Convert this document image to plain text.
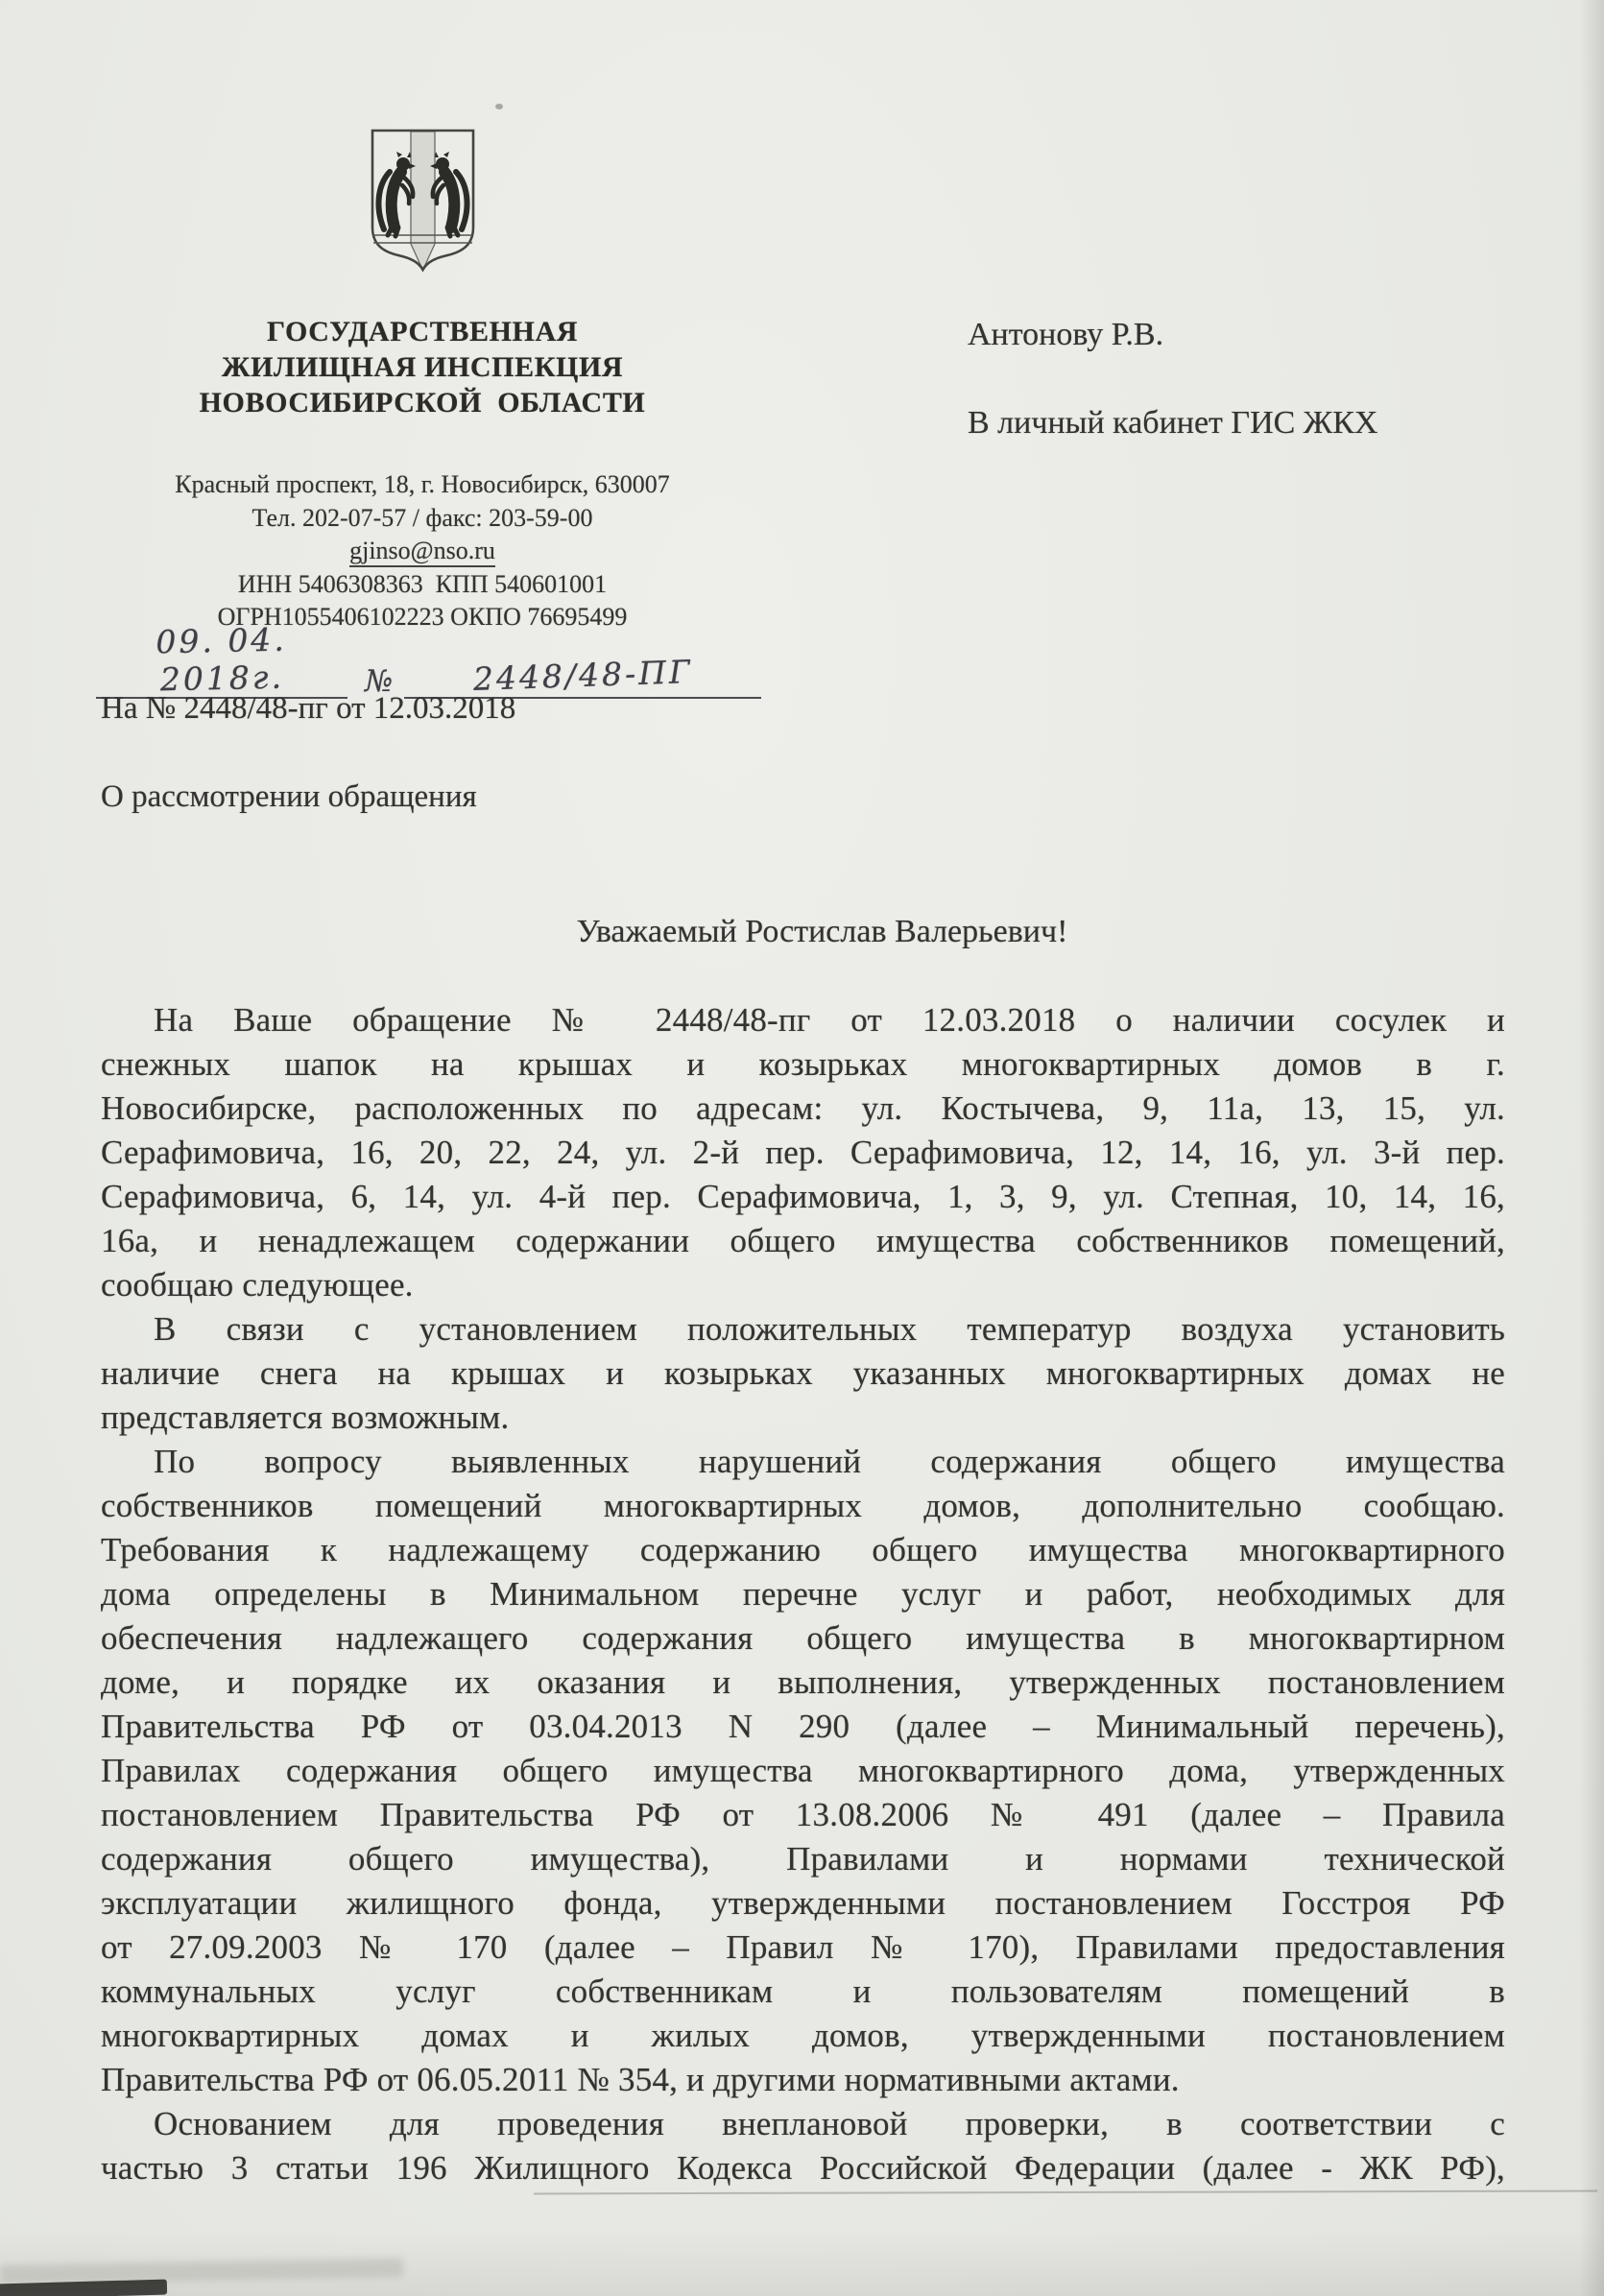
ГОСУДАРСТВЕННАЯ
ЖИЛИЩНАЯ ИНСПЕКЦИЯ
НОВОСИБИРСКОЙ  ОБЛАСТИ
Красный проспект, 18, г. Новосибирск, 630007
Тел. 202-07-57 / факс: 203-59-00
gjinso@nso.ru
ИНН 5406308363  КПП 540601001
ОГРН1055406102223 ОКПО 76695499
09. 04. 2018г.	№	2448/48-ПГ
На № 2448/48-пг от 12.03.2018
О рассмотрении обращения
Антонову Р.В.
В личный кабинет ГИС ЖКХ
Уважаемый Ростислав Валерьевич!
На Ваше обращение № 2448/48-пг от 12.03.2018 о наличии сосулек и
снежных шапок на крышах и козырьках многоквартирных домов в г.
Новосибирске, расположенных по адресам: ул. Костычева, 9, 11а, 13, 15, ул.
Серафимовича, 16, 20, 22, 24, ул. 2-й пер. Серафимовича, 12, 14, 16, ул. 3-й пер.
Серафимовича, 6, 14, ул. 4-й пер. Серафимовича, 1, 3, 9, ул. Степная, 10, 14, 16,
16а, и ненадлежащем содержании общего имущества собственников помещений,
сообщаю следующее.
В связи с установлением положительных температур воздуха установить
наличие снега на крышах и козырьках указанных многоквартирных домах не
представляется возможным.
По вопросу выявленных нарушений содержания общего имущества
собственников помещений многоквартирных домов, дополнительно сообщаю.
Требования к надлежащему содержанию общего имущества многоквартирного
дома определены в Минимальном перечне услуг и работ, необходимых для
обеспечения надлежащего содержания общего имущества в многоквартирном
доме, и порядке их оказания и выполнения, утвержденных постановлением
Правительства РФ от 03.04.2013 N 290 (далее – Минимальный перечень),
Правилах содержания общего имущества многоквартирного дома, утвержденных
постановлением Правительства РФ от 13.08.2006 № 491 (далее – Правила
содержания общего имущества), Правилами и нормами технической
эксплуатации жилищного фонда, утвержденными постановлением Госстроя РФ
от 27.09.2003 № 170 (далее – Правил № 170), Правилами предоставления
коммунальных услуг собственникам и пользователям помещений в
многоквартирных домах и жилых домов, утвержденными постановлением
Правительства РФ от 06.05.2011 № 354, и другими нормативными актами.
Основанием для проведения внеплановой проверки, в соответствии с
частью 3 статьи 196 Жилищного Кодекса Российской Федерации (далее - ЖК РФ),
